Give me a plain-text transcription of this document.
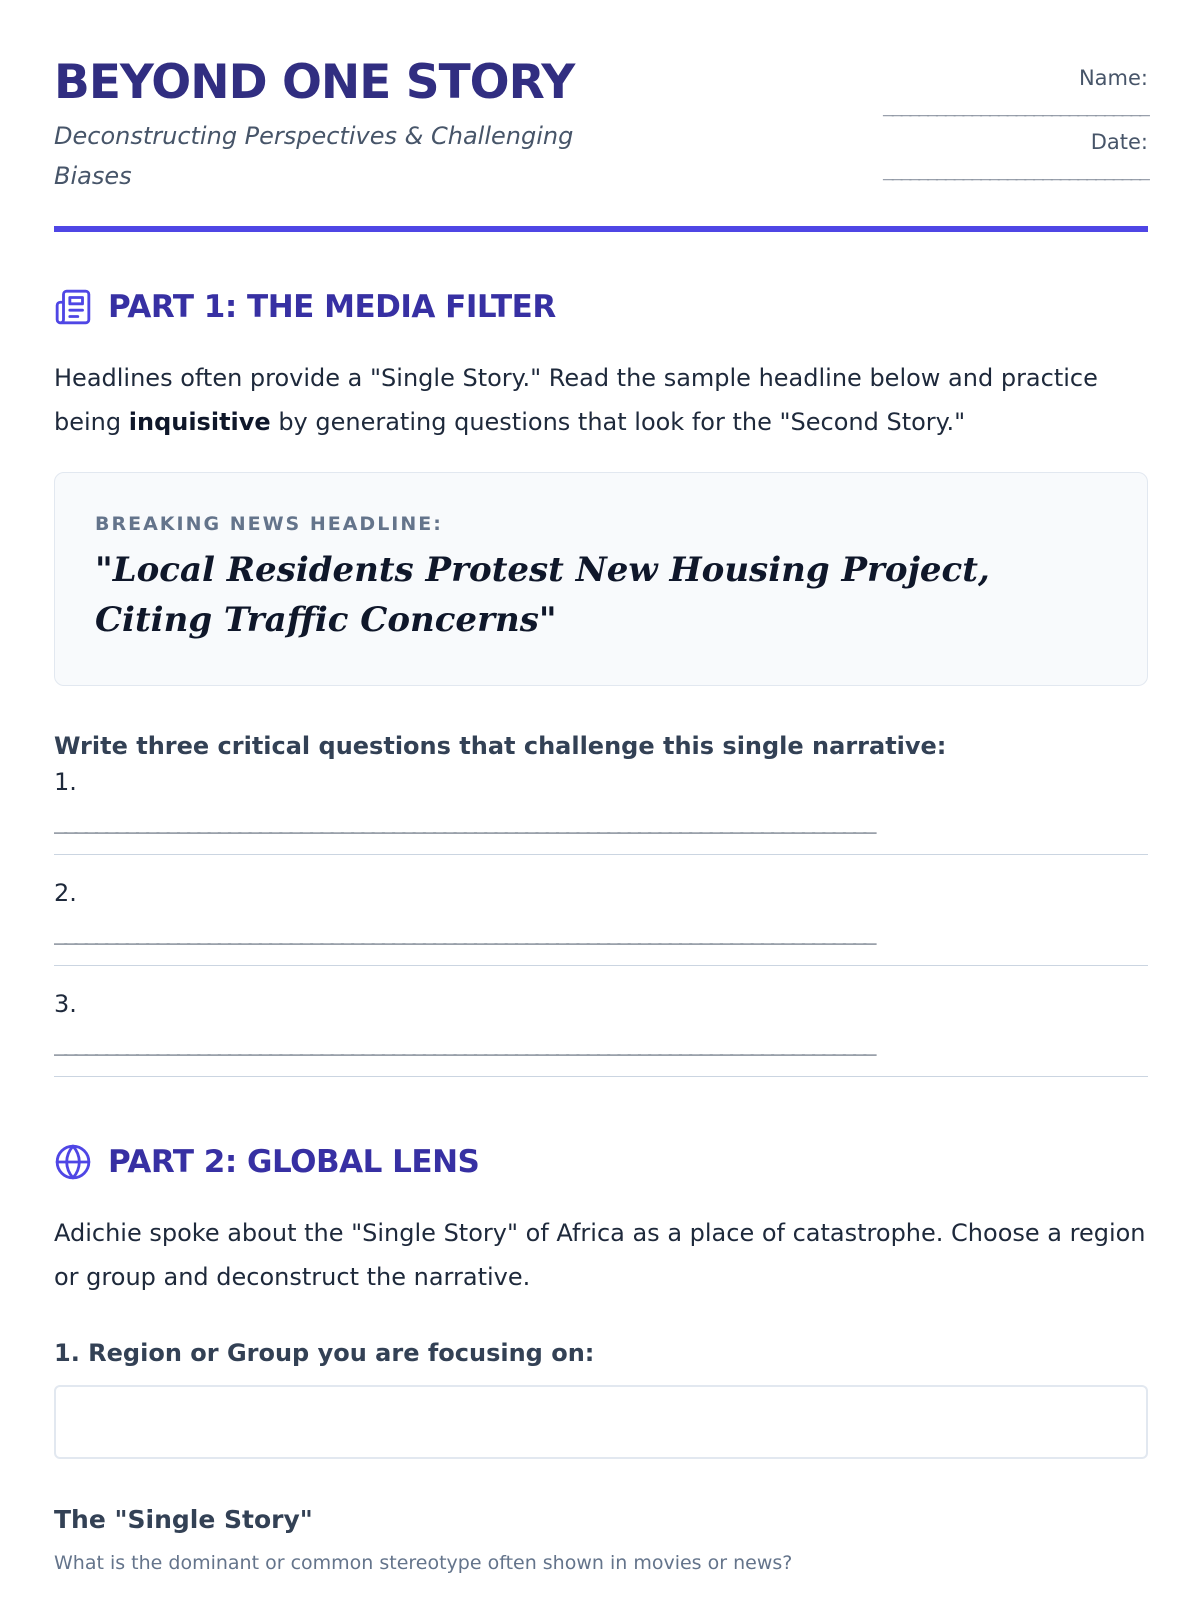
BEYOND ONE STORY
Deconstructing Perspectives & Challenging Biases
Name:
______________________________
Date:
______________________________
PART 1: THE MEDIA FILTER
Headlines often provide a "Single Story." Read the sample headline below and practice being inquisitive by generating questions that look for the "Second Story."
BREAKING NEWS HEADLINE:
"Local Residents Protest New Housing Project, Citing Traffic Concerns"
Write three critical questions that challenge this single narrative:
1.
________________________________________________________________________________
2.
________________________________________________________________________________
3.
________________________________________________________________________________
PART 2: GLOBAL LENS
Adichie spoke about the "Single Story" of Africa as a place of catastrophe. Choose a region or group and deconstruct the narrative.
1. Region or Group you are focusing on:
The "Single Story"
What is the dominant or common stereotype often shown in movies or news?
